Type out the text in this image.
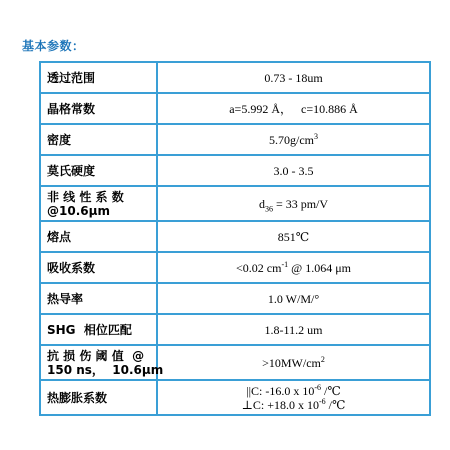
基本参数：
透过范围	0.73 - 18um
晶格常数	a=5.992 Å， c=10.886 Å
密度	$5.70g/cm^3$
莫氏硬度	3.0 - 3.5
非 线 性 系 数
@10.6μm	$d_{36} = 33$ pm/V
熔点	851℃
吸收系数	<0.02 $cm^{-1}$ @ 1.064 μm
热导率	1.0 W/M/°
SHG  相位匹配	1.8-11.2 um
抗 损 伤 阈 值  @
150 ns，  10.6μm	$>10MW/cm^2$
热膨胀系数	||C: -16.0 x $10^{-6}$ /℃
⊥C: +18.0 x $10^{-6}$ /℃
